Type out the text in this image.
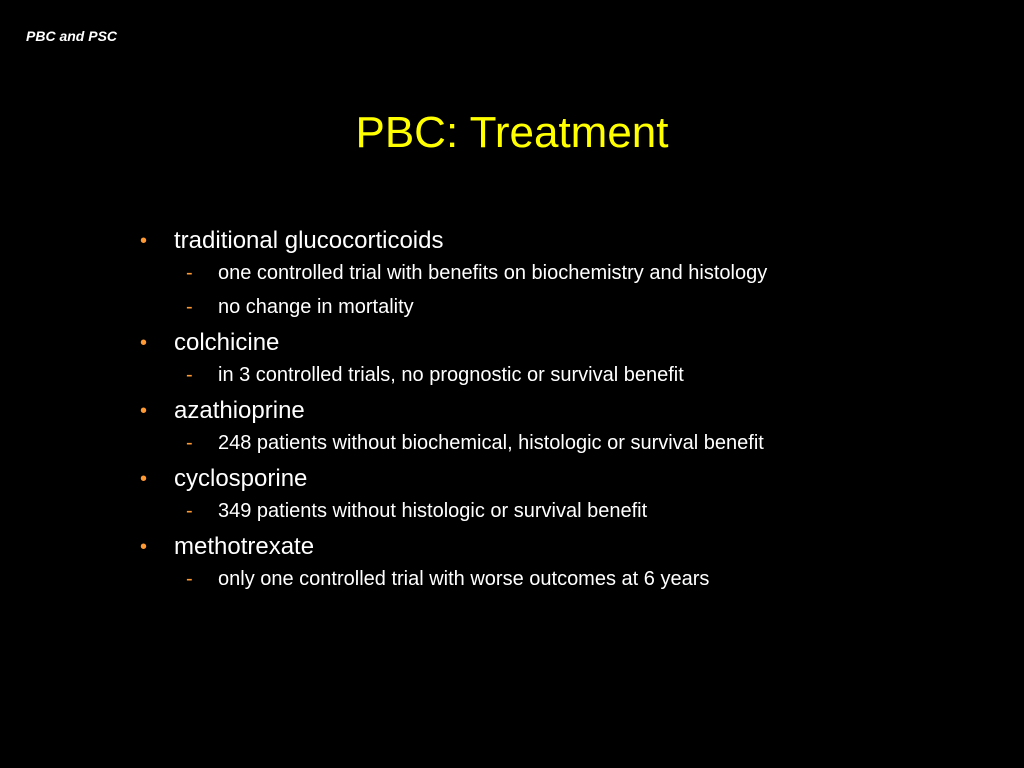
PBC and PSC
PBC: Treatment
• traditional glucocorticoids
- one controlled trial with benefits on biochemistry and histology
- no change in mortality
• colchicine
- in 3 controlled trials, no prognostic or survival benefit
• azathioprine
- 248 patients without biochemical, histologic or survival benefit
• cyclosporine
- 349 patients without histologic or survival benefit
• methotrexate
- only one controlled trial with worse outcomes at 6 years
